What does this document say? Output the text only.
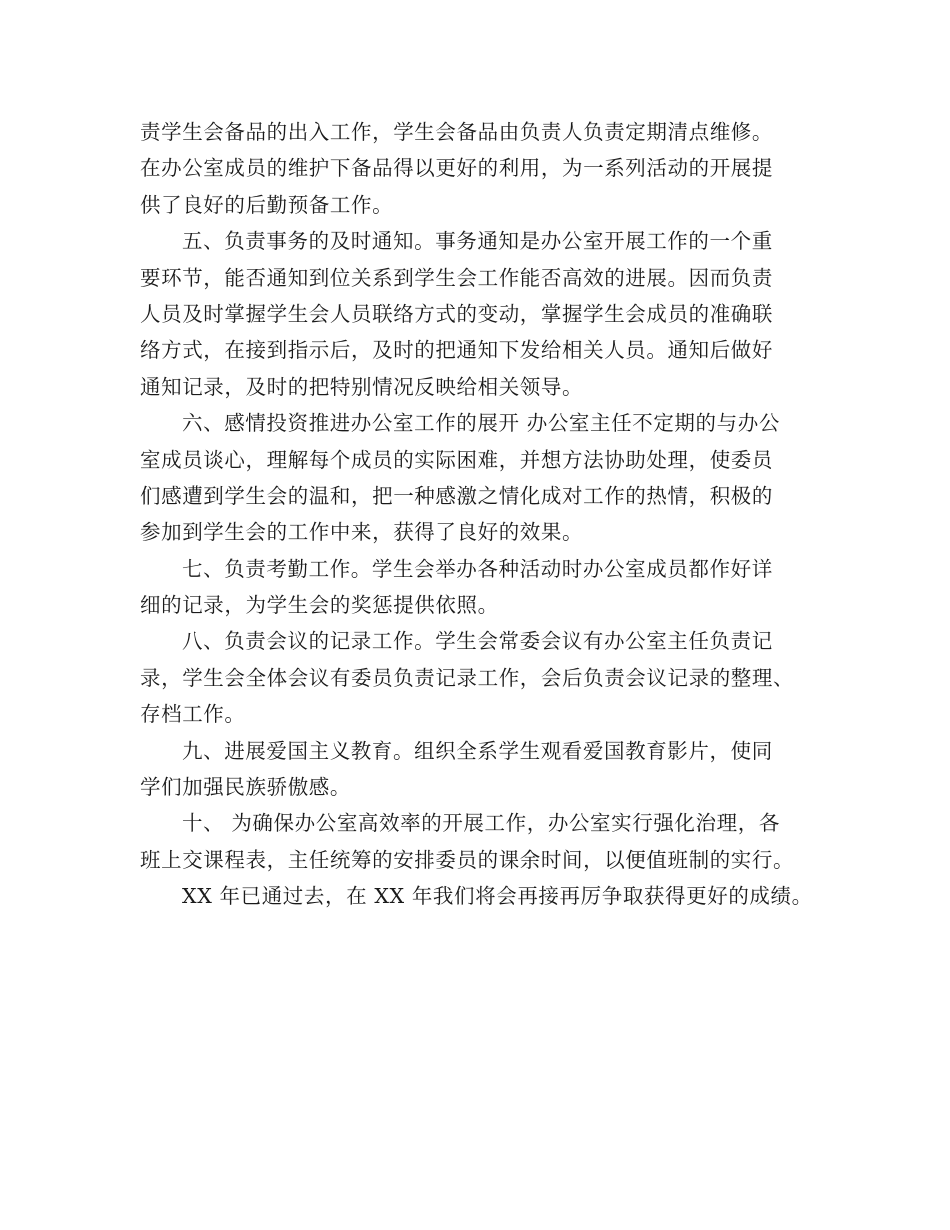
责学生会备品的出入工作，学生会备品由负责人负责定期清点维修。
在办公室成员的维护下备品得以更好的利用，为一系列活动的开展提
供了良好的后勤预备工作。
五、负责事务的及时通知。事务通知是办公室开展工作的一个重
要环节，能否通知到位关系到学生会工作能否高效的进展。因而负责
人员及时掌握学生会人员联络方式的变动，掌握学生会成员的准确联
络方式，在接到指示后，及时的把通知下发给相关人员。通知后做好
通知记录，及时的把特别情况反映给相关领导。
六、感情投资推进办公室工作的展开 办公室主任不定期的与办公
室成员谈心，理解每个成员的实际困难，并想方法协助处理，使委员
们感遭到学生会的温和，把一种感激之情化成对工作的热情，积极的
参加到学生会的工作中来，获得了良好的效果。
七、负责考勤工作。学生会举办各种活动时办公室成员都作好详
细的记录，为学生会的奖惩提供依照。
八、负责会议的记录工作。学生会常委会议有办公室主任负责记
录，学生会全体会议有委员负责记录工作，会后负责会议记录的整理、
存档工作。
九、进展爱国主义教育。组织全系学生观看爱国教育影片，使同
学们加强民族骄傲感。
十、 为确保办公室高效率的开展工作，办公室实行强化治理，各
班上交课程表，主任统筹的安排委员的课余时间，以便值班制的实行。
XX 年已通过去，在 XX 年我们将会再接再厉争取获得更好的成绩。
